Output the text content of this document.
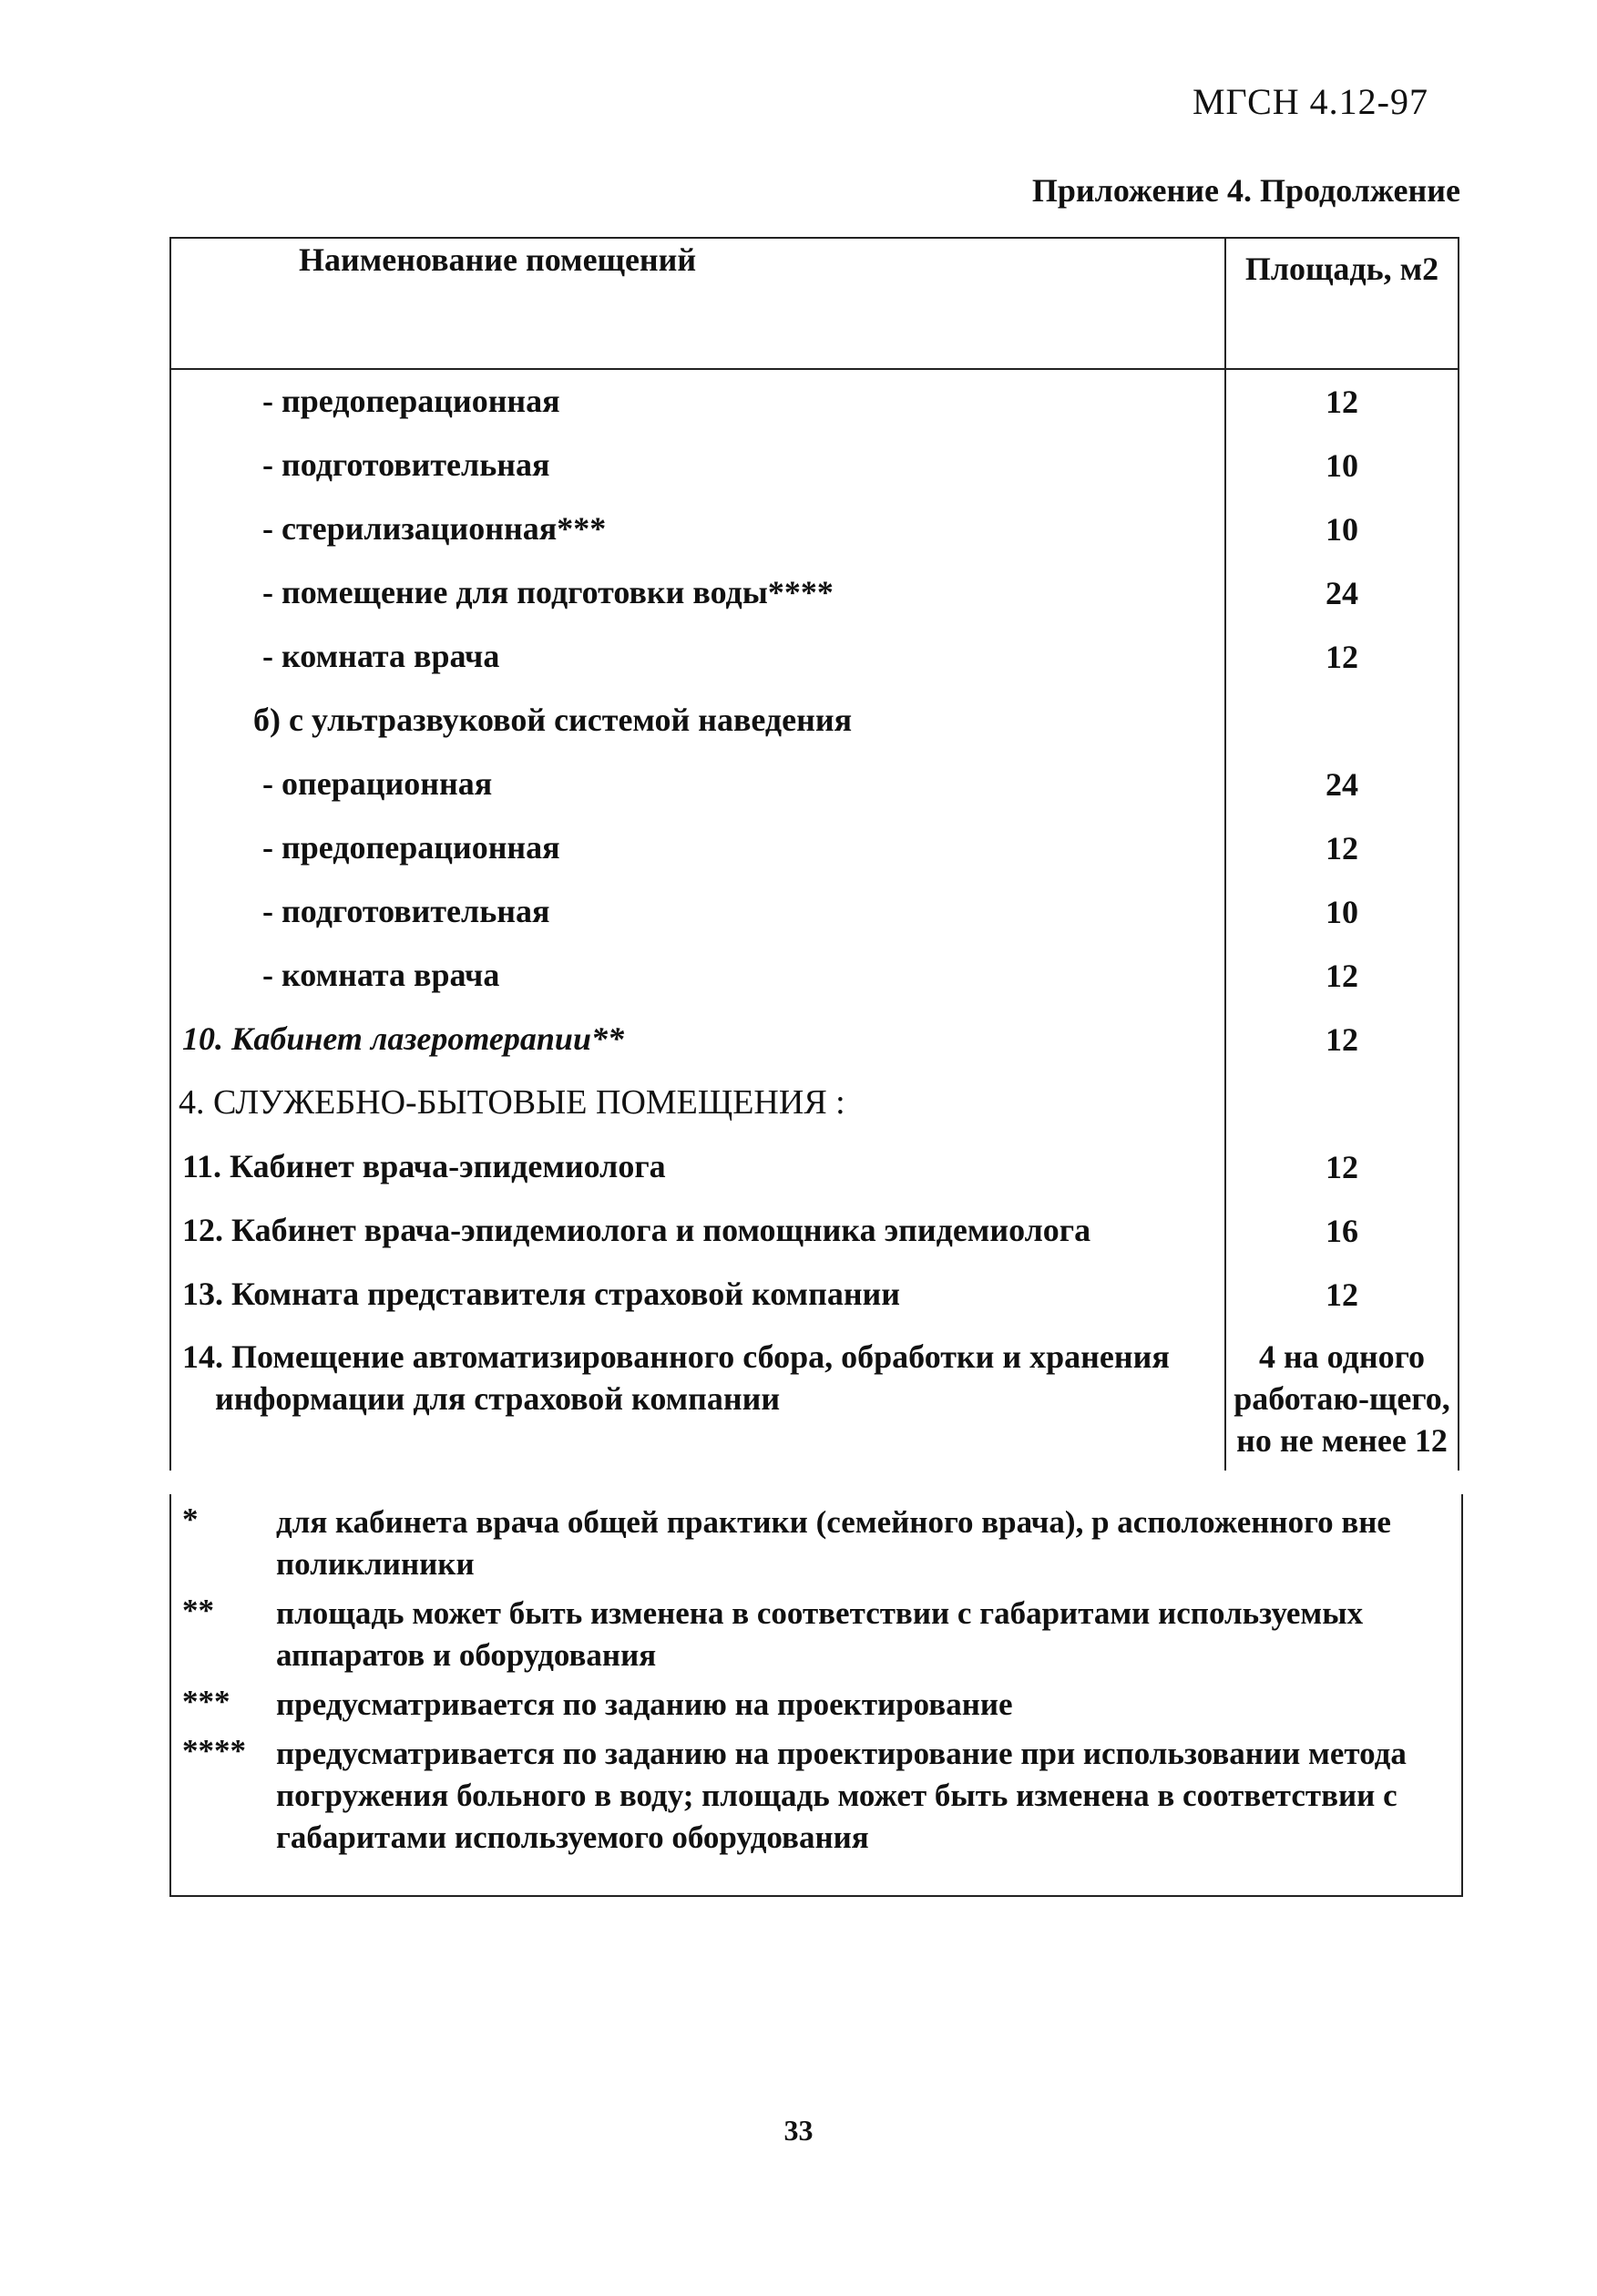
МГСН 4.12-97
Приложение 4. Продолжение
Наименование помещений	Площадь, м2
- предоперационная	12
- подготовительная	10
- стерилизационная***	10
- помещение для подготовки воды****	24
- комната врача	12
б) с ультразвуковой системой наведения	
- операционная	24
- предоперационная	12
- подготовительная	10
- комната врача	12
10. Кабинет лазеротерапии**	12
4. СЛУЖЕБНО-БЫТОВЫЕ ПОМЕЩЕНИЯ :	
11. Кабинет врача-эпидемиолога	12
12. Кабинет врача-эпидемиолога и помощника эпидемиолога	16
13. Комната представителя страховой компании	12
14. Помещение автоматизированного сбора, обработки и хранения информации для страховой компании	4 на одного работаю-щего, но не менее 12
* для кабинета врача общей практики (семейного врача), р асположенного вне поликлиники
** площадь может быть изменена в соответствии с габаритами используемых аппаратов и оборудования
*** предусматривается по заданию на проектирование
**** предусматривается по заданию на проектирование при использовании метода погружения больного в воду; площадь может быть изменена в соответствии с габаритами используемого оборудования
33
